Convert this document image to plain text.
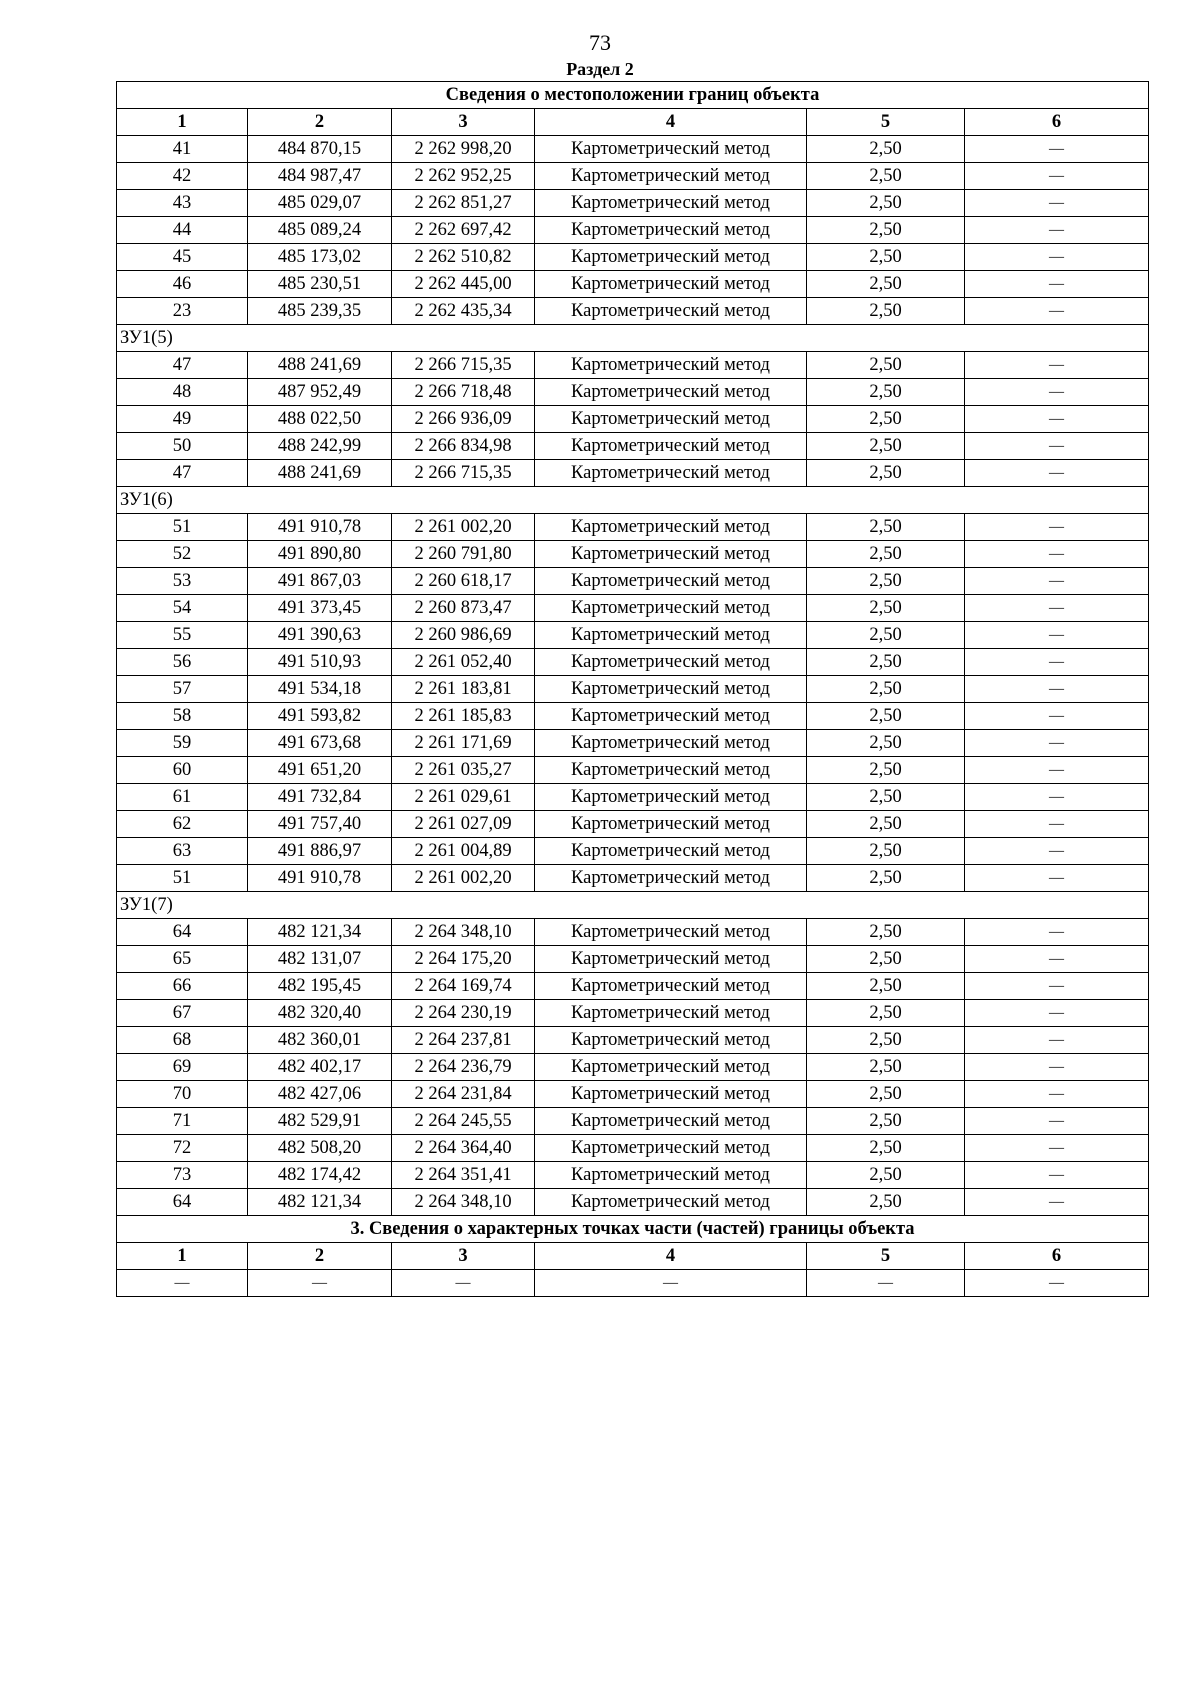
73
Раздел 2
Сведения о местоположении границ объекта					
1	2	3	4	5	6
41	484 870,15	2 262 998,20	Картометрический метод	2,50	—
42	484 987,47	2 262 952,25	Картометрический метод	2,50	—
43	485 029,07	2 262 851,27	Картометрический метод	2,50	—
44	485 089,24	2 262 697,42	Картометрический метод	2,50	—
45	485 173,02	2 262 510,82	Картометрический метод	2,50	—
46	485 230,51	2 262 445,00	Картометрический метод	2,50	—
23	485 239,35	2 262 435,34	Картометрический метод	2,50	—
ЗУ1(5)					
47	488 241,69	2 266 715,35	Картометрический метод	2,50	—
48	487 952,49	2 266 718,48	Картометрический метод	2,50	—
49	488 022,50	2 266 936,09	Картометрический метод	2,50	—
50	488 242,99	2 266 834,98	Картометрический метод	2,50	—
47	488 241,69	2 266 715,35	Картометрический метод	2,50	—
ЗУ1(6)					
51	491 910,78	2 261 002,20	Картометрический метод	2,50	—
52	491 890,80	2 260 791,80	Картометрический метод	2,50	—
53	491 867,03	2 260 618,17	Картометрический метод	2,50	—
54	491 373,45	2 260 873,47	Картометрический метод	2,50	—
55	491 390,63	2 260 986,69	Картометрический метод	2,50	—
56	491 510,93	2 261 052,40	Картометрический метод	2,50	—
57	491 534,18	2 261 183,81	Картометрический метод	2,50	—
58	491 593,82	2 261 185,83	Картометрический метод	2,50	—
59	491 673,68	2 261 171,69	Картометрический метод	2,50	—
60	491 651,20	2 261 035,27	Картометрический метод	2,50	—
61	491 732,84	2 261 029,61	Картометрический метод	2,50	—
62	491 757,40	2 261 027,09	Картометрический метод	2,50	—
63	491 886,97	2 261 004,89	Картометрический метод	2,50	—
51	491 910,78	2 261 002,20	Картометрический метод	2,50	—
ЗУ1(7)					
64	482 121,34	2 264 348,10	Картометрический метод	2,50	—
65	482 131,07	2 264 175,20	Картометрический метод	2,50	—
66	482 195,45	2 264 169,74	Картометрический метод	2,50	—
67	482 320,40	2 264 230,19	Картометрический метод	2,50	—
68	482 360,01	2 264 237,81	Картометрический метод	2,50	—
69	482 402,17	2 264 236,79	Картометрический метод	2,50	—
70	482 427,06	2 264 231,84	Картометрический метод	2,50	—
71	482 529,91	2 264 245,55	Картометрический метод	2,50	—
72	482 508,20	2 264 364,40	Картометрический метод	2,50	—
73	482 174,42	2 264 351,41	Картометрический метод	2,50	—
64	482 121,34	2 264 348,10	Картометрический метод	2,50	—
3. Сведения о характерных точках части (частей) границы объекта					
1	2	3	4	5	6
—	—	—	—	—	—
